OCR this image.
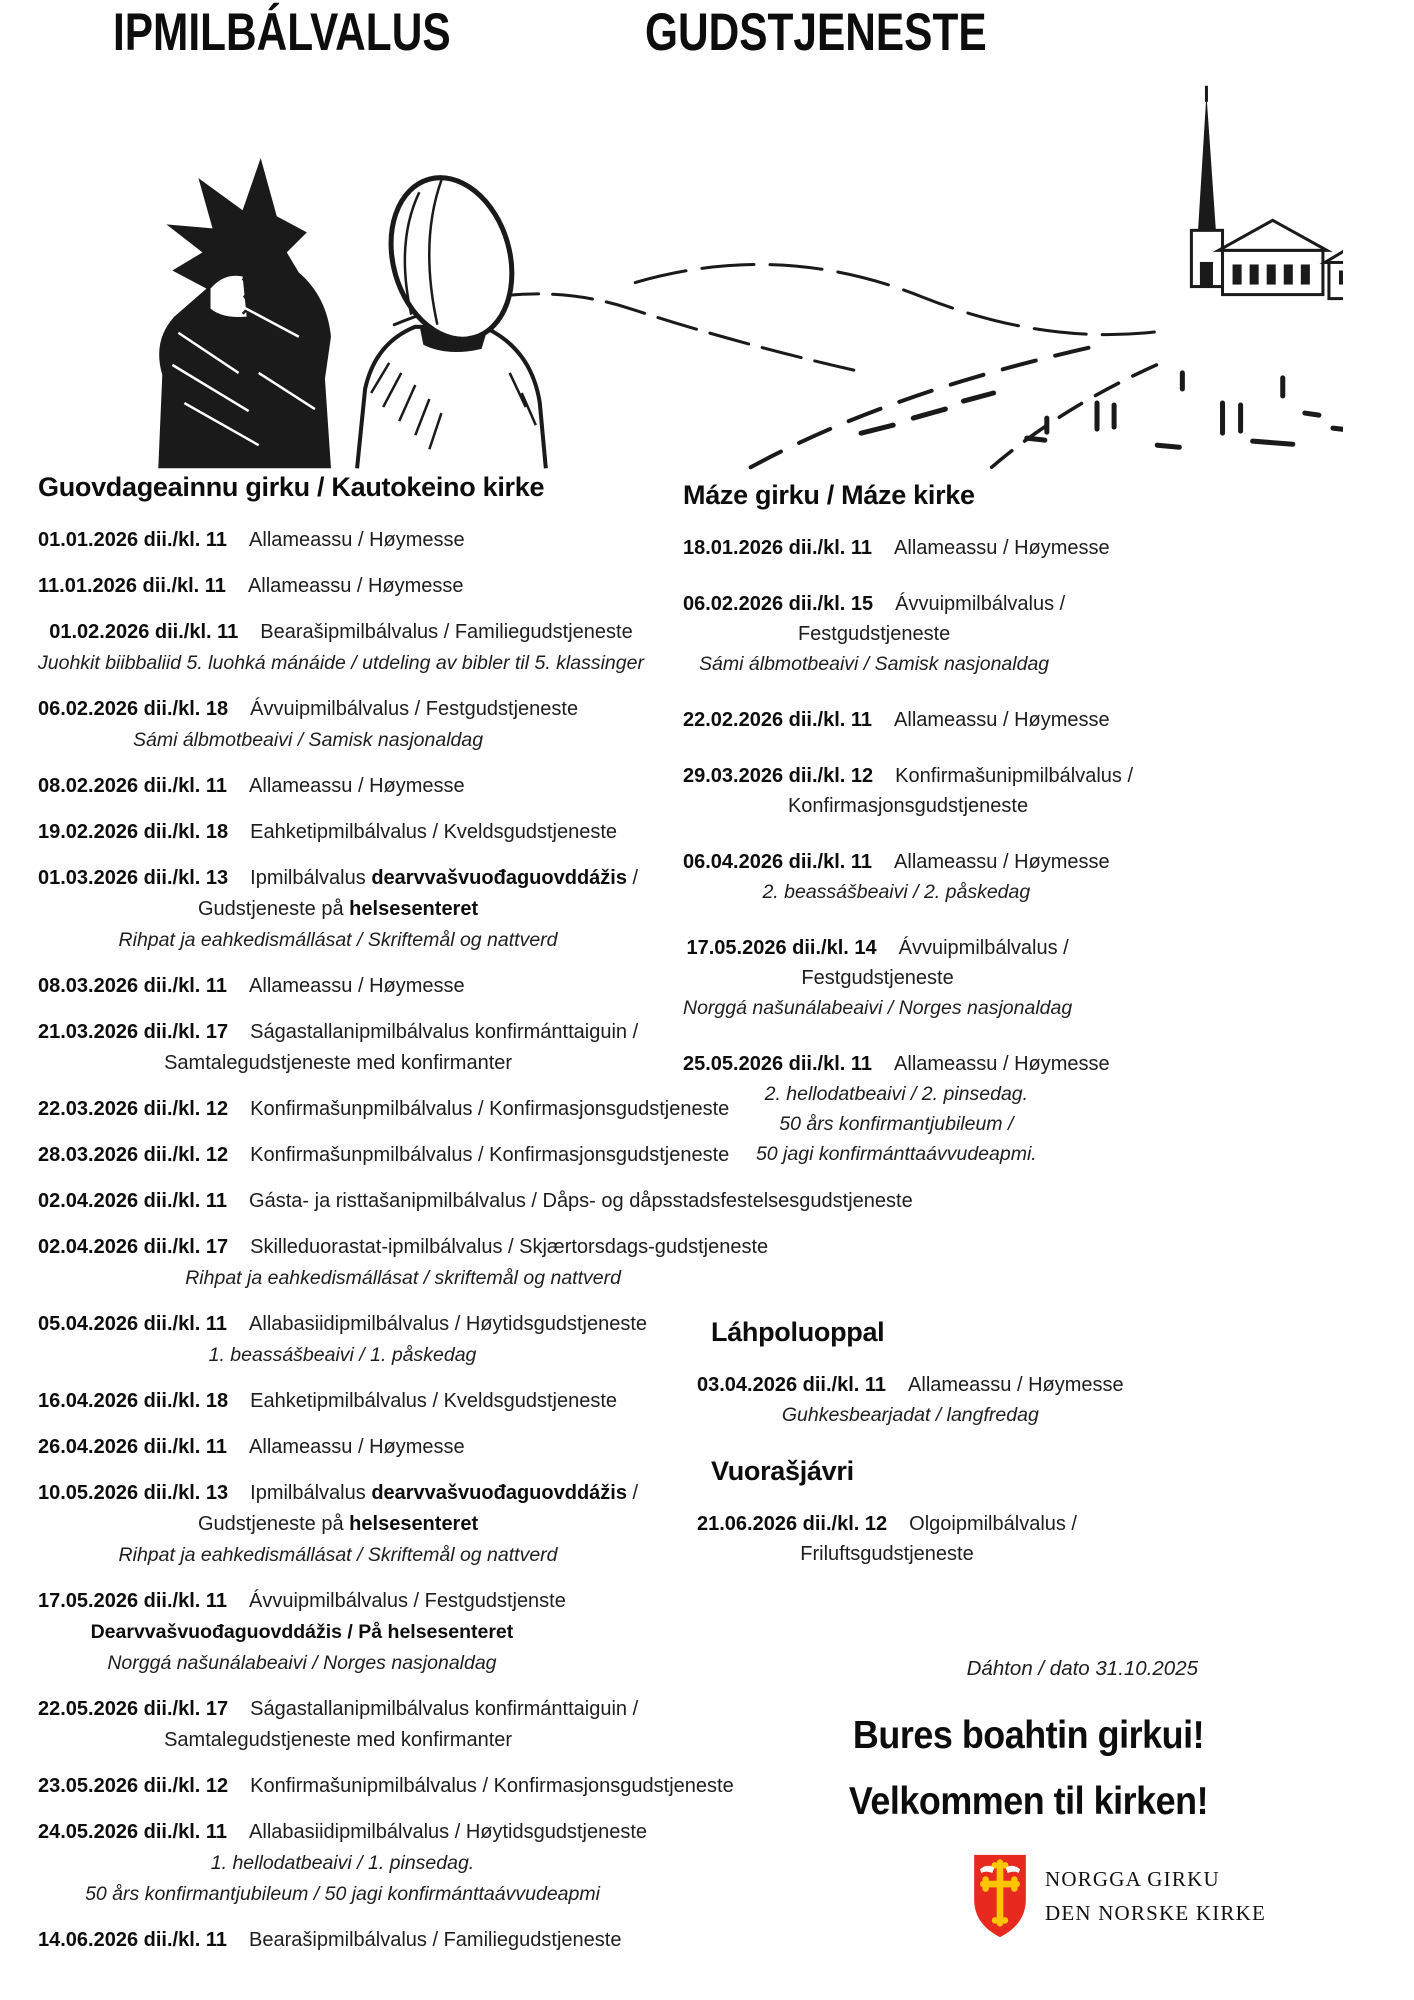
IPMILBÁLVALUS	GUDSTJENESTE
Guovdageainnu girku / Kautokeino kirke
01.01.2026 dii./kl. 11 Allameassu / Høymesse
11.01.2026 dii./kl. 11 Allameassu / Høymesse
01.02.2026 dii./kl. 11 Bearašipmilbálvalus / Familiegudstjeneste
Juohkit biibbaliid 5. luohká mánáide / utdeling av bibler til 5. klassinger
06.02.2026 dii./kl. 18 Ávvuipmilbálvalus / Festgudstjeneste
Sámi álbmotbeaivi / Samisk nasjonaldag
08.02.2026 dii./kl. 11 Allameassu / Høymesse
19.02.2026 dii./kl. 18 Eahketipmilbálvalus / Kveldsgudstjeneste
01.03.2026 dii./kl. 13 Ipmilbálvalus dearvvašvuođaguovddážis /
Gudstjeneste på helsesenteret
Rihpat ja eahkedismállásat / Skriftemål og nattverd
08.03.2026 dii./kl. 11 Allameassu / Høymesse
21.03.2026 dii./kl. 17 Ságastallanipmilbálvalus konfirmánttaiguin /
Samtalegudstjeneste med konfirmanter
22.03.2026 dii./kl. 12 Konfirmašunpmilbálvalus / Konfirmasjonsgudstjeneste
28.03.2026 dii./kl. 12 Konfirmašunpmilbálvalus / Konfirmasjonsgudstjeneste
02.04.2026 dii./kl. 11 Gásta- ja risttašanipmilbálvalus / Dåps- og dåpsstadsfestelsesgudstjeneste
02.04.2026 dii./kl. 17 Skilleduorastat-ipmilbálvalus / Skjærtorsdags-gudstjeneste
Rihpat ja eahkedismállásat / skriftemål og nattverd
05.04.2026 dii./kl. 11 Allabasiidipmilbálvalus / Høytidsgudstjeneste
1. beassášbeaivi / 1. påskedag
16.04.2026 dii./kl. 18 Eahketipmilbálvalus / Kveldsgudstjeneste
26.04.2026 dii./kl. 11 Allameassu / Høymesse
10.05.2026 dii./kl. 13 Ipmilbálvalus dearvvašvuođaguovddážis /
Gudstjeneste på helsesenteret
Rihpat ja eahkedismállásat / Skriftemål og nattverd
17.05.2026 dii./kl. 11 Ávvuipmilbálvalus / Festgudstjenste
Dearvvašvuođaguovddážis / På helsesenteret
Norggá našunálabeaivi / Norges nasjonaldag
22.05.2026 dii./kl. 17 Ságastallanipmilbálvalus konfirmánttaiguin /
Samtalegudstjeneste med konfirmanter
23.05.2026 dii./kl. 12 Konfirmašunipmilbálvalus / Konfirmasjonsgudstjeneste
24.05.2026 dii./kl. 11 Allabasiidipmilbálvalus / Høytidsgudstjeneste
1. hellodatbeaivi / 1. pinsedag.
50 års konfirmantjubileum / 50 jagi konfirmánttaávvudeapmi
14.06.2026 dii./kl. 11 Bearašipmilbálvalus / Familiegudstjeneste
Máze girku / Máze kirke
18.01.2026 dii./kl. 11 Allameassu / Høymesse
06.02.2026 dii./kl. 15 Ávvuipmilbálvalus /
Festgudstjeneste
Sámi álbmotbeaivi / Samisk nasjonaldag
22.02.2026 dii./kl. 11 Allameassu / Høymesse
29.03.2026 dii./kl. 12 Konfirmašunipmilbálvalus /
Konfirmasjonsgudstjeneste
06.04.2026 dii./kl. 11 Allameassu / Høymesse
2. beassášbeaivi / 2. påskedag
17.05.2026 dii./kl. 14 Ávvuipmilbálvalus /
Festgudstjeneste
Norggá našunálabeaivi / Norges nasjonaldag
25.05.2026 dii./kl. 11 Allameassu / Høymesse
2. hellodatbeaivi / 2. pinsedag.
50 års konfirmantjubileum /
50 jagi konfirmánttaávvudeapmi.
Láhpoluoppal
03.04.2026 dii./kl. 11 Allameassu / Høymesse
Guhkesbearjadat / langfredag
Vuorašjávri
21.06.2026 dii./kl. 12 Olgoipmilbálvalus /
Friluftsgudstjeneste
Dáhton / dato 31.10.2025
Bures boahtin girkui!
Velkommen til kirken!
NORGGA GIRKU
DEN NORSKE KIRKE
